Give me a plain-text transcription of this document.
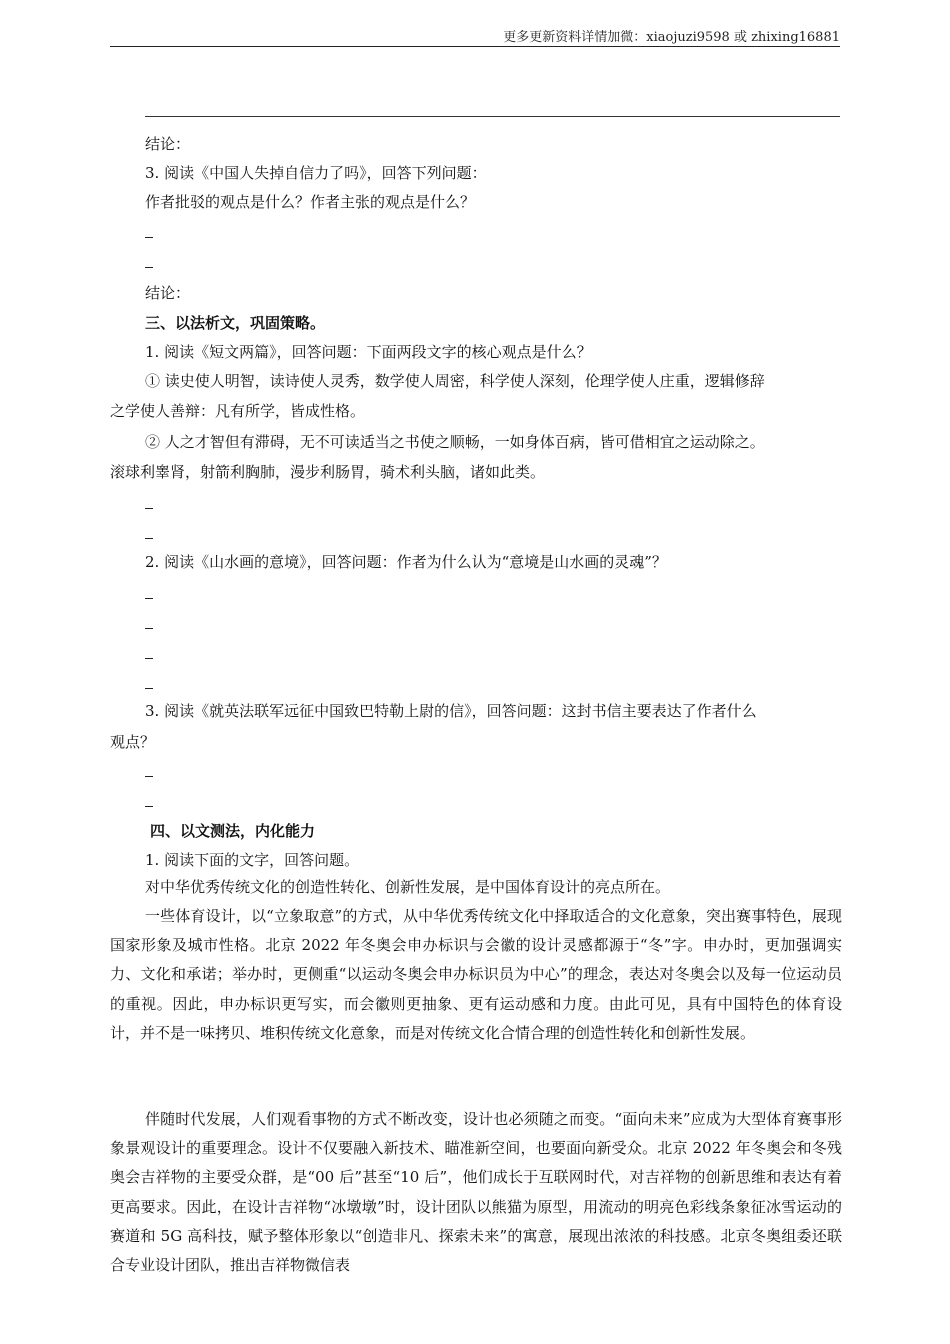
更多更新资料详情加微：xiaojuzi9598 或 zhixing16881
结论：
3. 阅读《中国人失掉自信力了吗》，回答下列问题：
作者批驳的观点是什么？作者主张的观点是什么？
结论：
三、以法析文，巩固策略。
1. 阅读《短文两篇》，回答问题：下面两段文字的核心观点是什么？
① 读史使人明智，读诗使人灵秀，数学使人周密，科学使人深刻，伦理学使人庄重，逻辑修辞
之学使人善辩：凡有所学，皆成性格。
② 人之才智但有滞碍，无不可读适当之书使之顺畅，一如身体百病，皆可借相宜之运动除之。
滚球利睾肾，射箭利胸肺，漫步利肠胃，骑术利头脑，诸如此类。
2. 阅读《山水画的意境》，回答问题：作者为什么认为“意境是山水画的灵魂”？
3. 阅读《就英法联军远征中国致巴特勒上尉的信》，回答问题：这封书信主要表达了作者什么
观点？
四、以文测法，内化能力
1. 阅读下面的文字，回答问题。
对中华优秀传统文化的创造性转化、创新性发展，是中国体育设计的亮点所在。
一些体育设计，以“立象取意”的方式，从中华优秀传统文化中择取适合的文化意象，突出赛事特色，展现国家形象及城市性格。北京 2022 年冬奥会申办标识与会徽的设计灵感都源于“冬”字。申办时，更加强调实力、文化和承诺；举办时，更侧重“以运动冬奥会申办标识员为中心”的理念，表达对冬奥会以及每一位运动员的重视。因此，申办标识更写实，而会徽则更抽象、更有运动感和力度。由此可见，具有中国特色的体育设计，并不是一味拷贝、堆积传统文化意象，而是对传统文化合情合理的创造性转化和创新性发展。
伴随时代发展，人们观看事物的方式不断改变，设计也必须随之而变。“面向未来”应成为大型体育赛事形象景观设计的重要理念。设计不仅要融入新技术、瞄准新空间，也要面向新受众。北京 2022 年冬奥会和冬残奥会吉祥物的主要受众群，是“00 后”甚至“10 后”，他们成长于互联网时代，对吉祥物的创新思维和表达有着更高要求。因此，在设计吉祥物“冰墩墩”时，设计团队以熊猫为原型，用流动的明亮色彩线条象征冰雪运动的赛道和 5G 高科技，赋予整体形象以“创造非凡、探索未来”的寓意，展现出浓浓的科技感。北京冬奥组委还联合专业设计团队，推出吉祥物微信表
